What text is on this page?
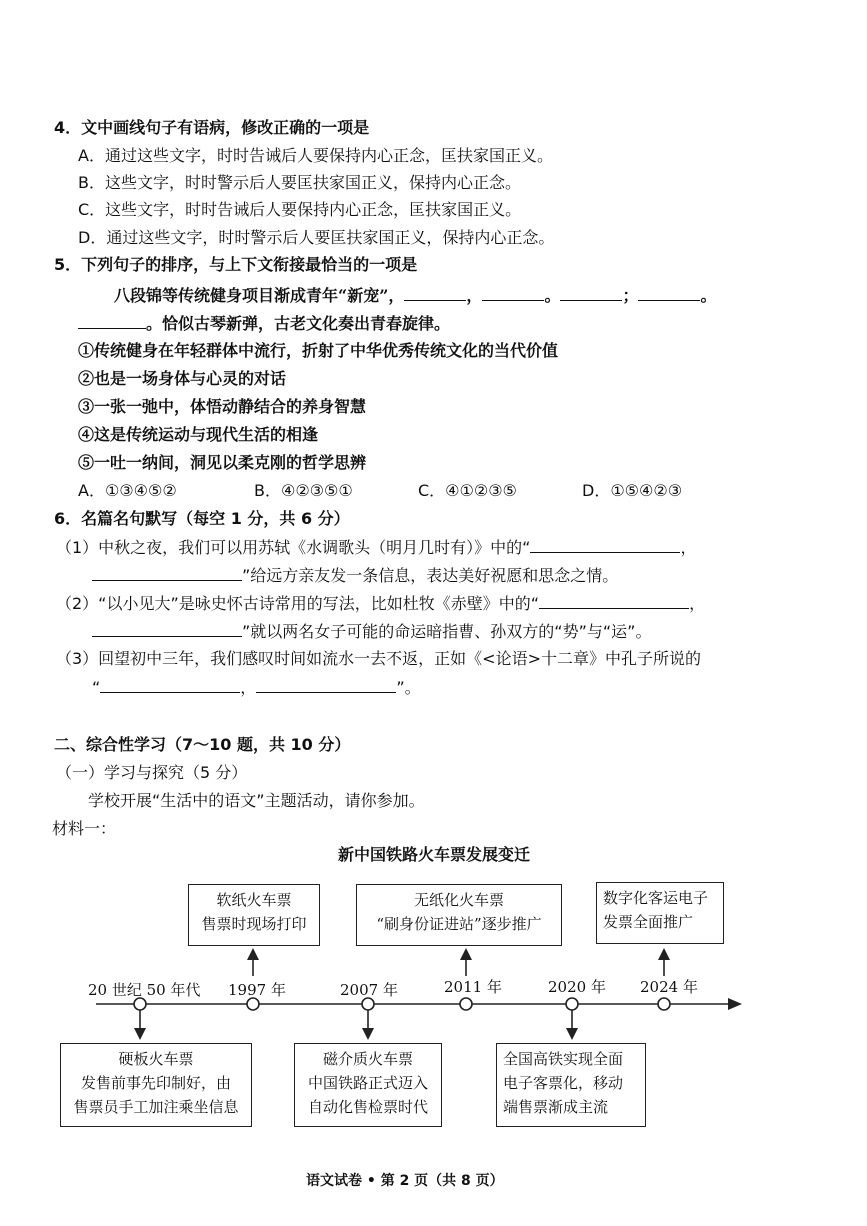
4．文中画线句子有语病，修改正确的一项是
A．通过这些文字，时时告诫后人要保持内心正念，匡扶家国正义。
B．这些文字，时时警示后人要匡扶家国正义，保持内心正念。
C．这些文字，时时告诫后人要保持内心正念，匡扶家国正义。
D．通过这些文字，时时警示后人要匡扶家国正义，保持内心正念。
5．下列句子的排序，与上下文衔接最恰当的一项是
八段锦等传统健身项目渐成青年“新宠”，	，	。	；	。
。恰似古琴新弹，古老文化奏出青春旋律。
①传统健身在年轻群体中流行，折射了中华优秀传统文化的当代价值
②也是一场身体与心灵的对话
③一张一弛中，体悟动静结合的养身智慧
④这是传统运动与现代生活的相逢
⑤一吐一纳间，洞见以柔克刚的哲学思辨
A．①③④⑤②	B．④②③⑤①	C．④①②③⑤	D．①⑤④②③
6．名篇名句默写（每空 1 分，共 6 分）
（1）中秋之夜，我们可以用苏轼《水调歌头（明月几时有）》中的“	，
”给远方亲友发一条信息，表达美好祝愿和思念之情。
（2）“以小见大”是咏史怀古诗常用的写法，比如杜牧《赤壁》中的“	，
”就以两名女子可能的命运暗指曹、孙双方的“势”与“运”。
（3）回望初中三年，我们感叹时间如流水一去不返，正如《<论语>十二章》中孔子所说的
“	，	”。
二、综合性学习（7～10 题，共 10 分）
（一）学习与探究（5 分）
学校开展“生活中的语文”主题活动，请你参加。
材料一：
新中国铁路火车票发展变迁
20 世纪 50 年代 1997 年	2007 年	2011 年	2020 年 2024 年
软纸火车票
售票时现场打印
无纸化火车票
“刷身份证进站”逐步推广
数字化客运电子
发票全面推广
硬板火车票
发售前事先印制好，由
售票员手工加注乘坐信息
磁介质火车票
中国铁路正式迈入
自动化售检票时代
全国高铁实现全面
电子客票化，移动
端售票渐成主流
语文试卷 • 第 2 页（共 8 页）
